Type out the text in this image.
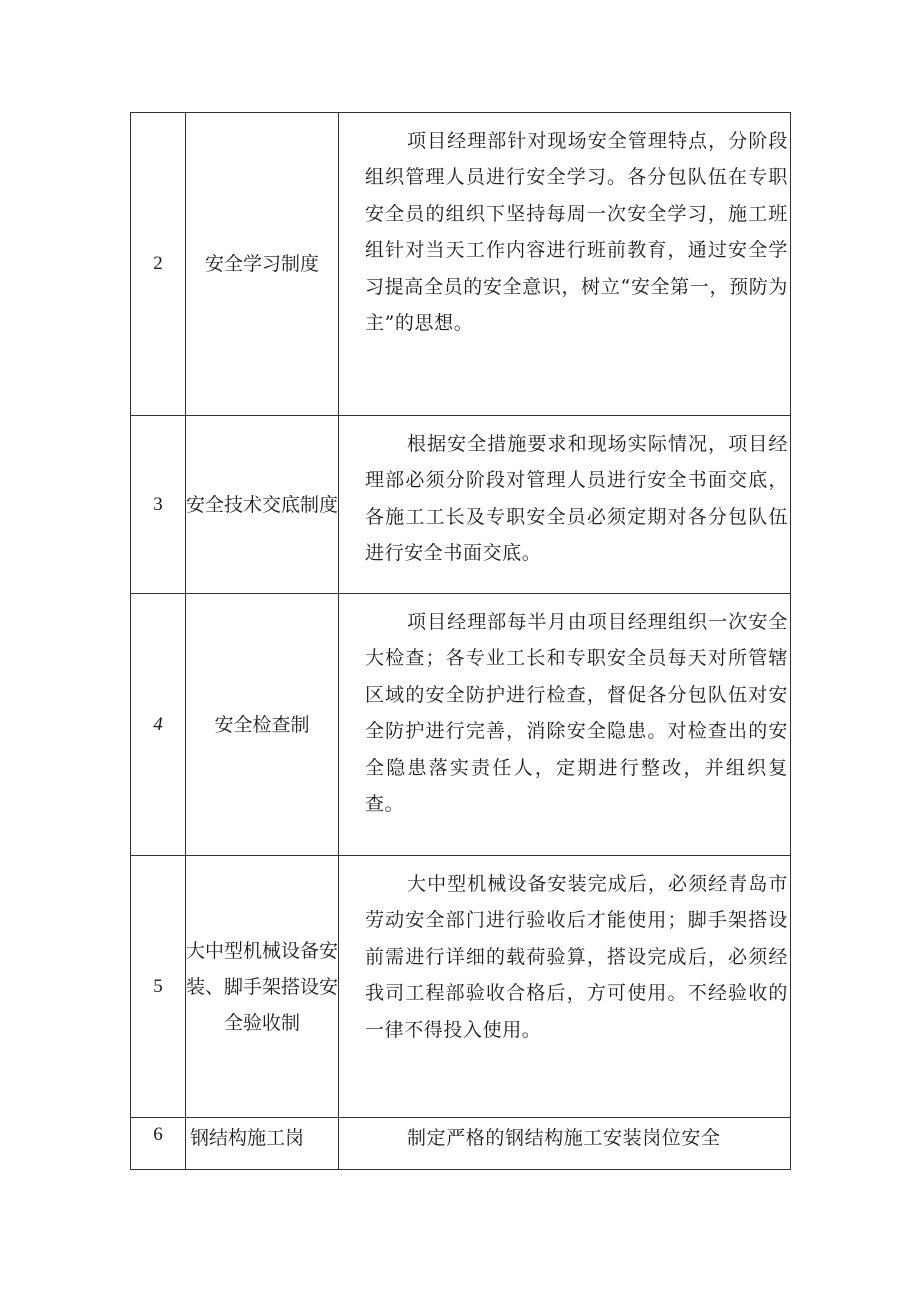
2	安全学习制度	项目经理部针对现场安全管理特点，分阶段组织管理人员进行安全学习。各分包队伍在专职安全员的组织下坚持每周一次安全学习，施工班组针对当天工作内容进行班前教育，通过安全学习提高全员的安全意识，树立“安全第一，预防为主”的思想。

3	安全技术交底制度	根据安全措施要求和现场实际情况，项目经理部必须分阶段对管理人员进行安全书面交底，各施工工长及专职安全员必须定期对各分包队伍进行安全书面交底。

4	安全检查制	项目经理部每半月由项目经理组织一次安全大检查；各专业工长和专职安全员每天对所管辖区域的安全防护进行检查，督促各分包队伍对安全防护进行完善，消除安全隐患。对检查出的安全隐患落实责任人，定期进行整改，并组织复查。

5	大中型机械设备安装、脚手架搭设安全验收制	大中型机械设备安装完成后，必须经青岛市劳动安全部门进行验收后才能使用；脚手架搭设前需进行详细的载荷验算，搭设完成后，必须经我司工程部验收合格后，方可使用。不经验收的一律不得投入使用。

6	钢结构施工岗	制定严格的钢结构施工安装岗位安全
